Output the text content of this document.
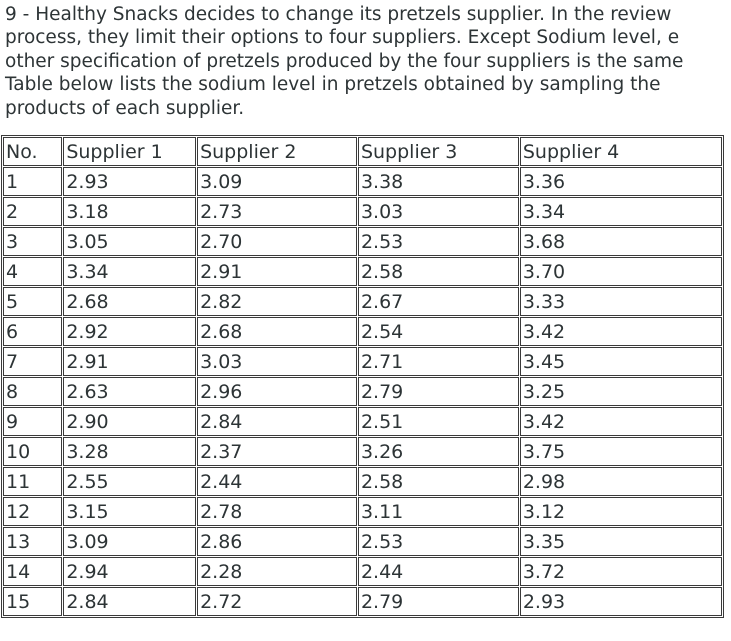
9 - Healthy Snacks decides to change its pretzels supplier. In the review
process, they limit their options to four suppliers. Except Sodium level, e
other specification of pretzels produced by the four suppliers is the same
Table below lists the sodium level in pretzels obtained by sampling the
products of each supplier.
No.	Supplier 1	Supplier 2	Supplier 3	Supplier 4
1	2.93	3.09	3.38	3.36
2	3.18	2.73	3.03	3.34
3	3.05	2.70	2.53	3.68
4	3.34	2.91	2.58	3.70
5	2.68	2.82	2.67	3.33
6	2.92	2.68	2.54	3.42
7	2.91	3.03	2.71	3.45
8	2.63	2.96	2.79	3.25
9	2.90	2.84	2.51	3.42
10	3.28	2.37	3.26	3.75
11	2.55	2.44	2.58	2.98
12	3.15	2.78	3.11	3.12
13	3.09	2.86	2.53	3.35
14	2.94	2.28	2.44	3.72
15	2.84	2.72	2.79	2.93
